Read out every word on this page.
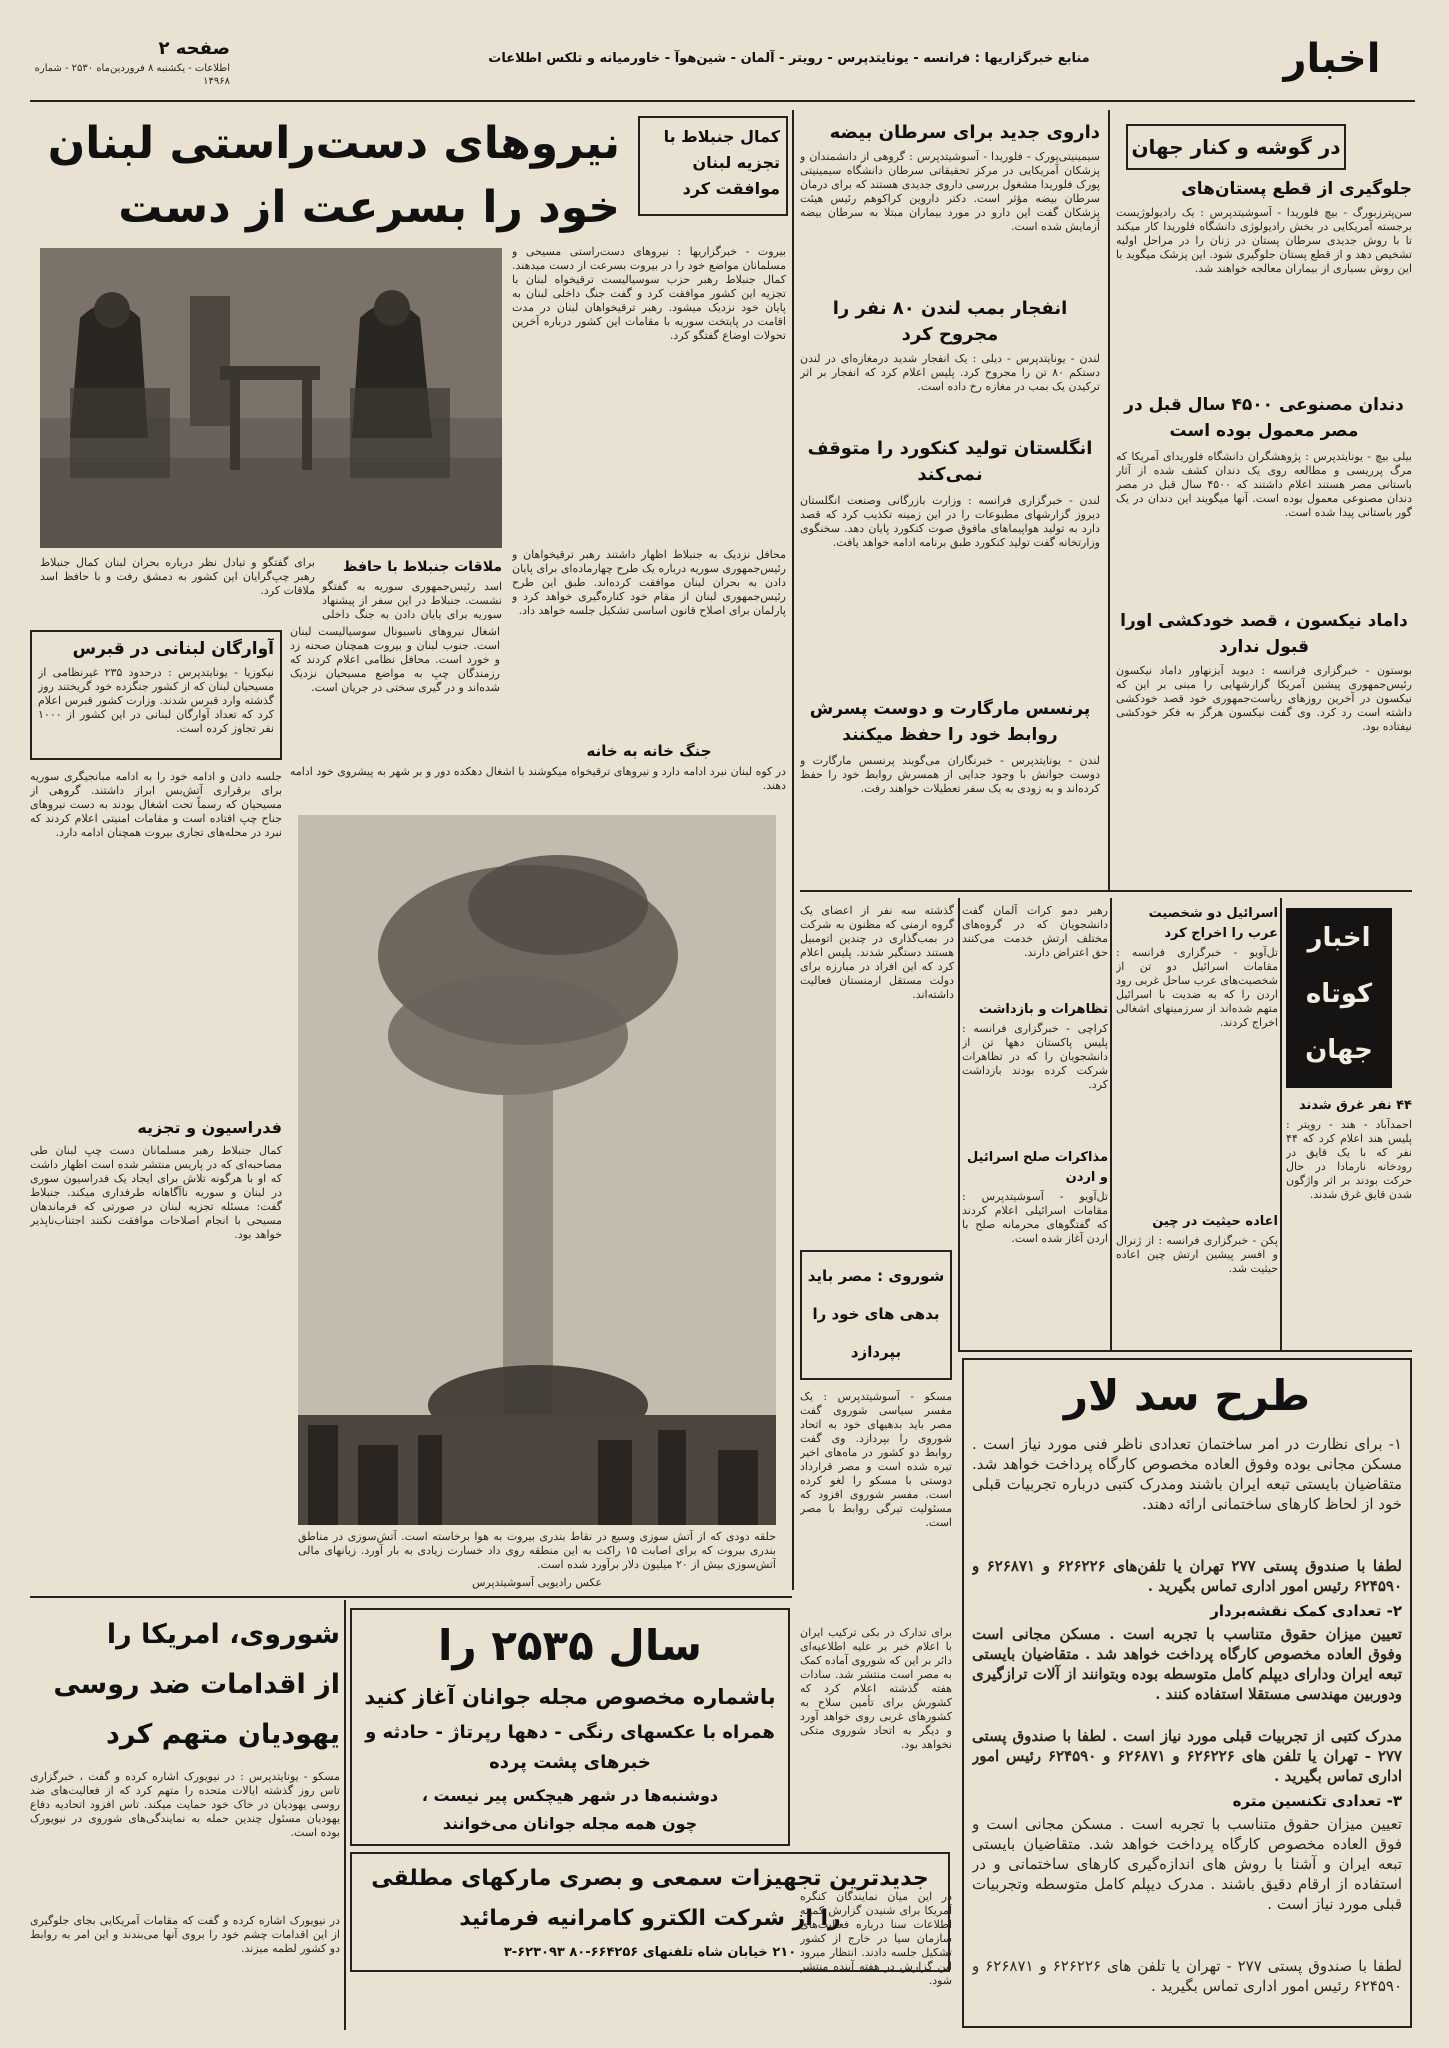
اخبار
منابع خبرگزاریها : فرانسه - یونایتدپرس - رویتر - آلمان - شین‌هوآ - خاورمیانه و تلکس اطلاعات
صفحه ۲
اطلاعات - یکشنبه ۸ فروردین‌ماه ۲۵۳۰ - شماره ۱۴۹۶۸
نیروهای دست‌راستی لبنان
خود را بسرعت از دست
کمال جنبلاط با تجزیه لبنان موافقت کرد
برای گفتگو و تبادل نظر درباره بحران لبنان کمال جنبلاط رهبر چپ‌گرایان این کشور به دمشق رفت و با حافظ اسد ملاقات کرد.
ملاقات جنبلاط با حافظ
اسد رئیس‌جمهوری سوریه به گفتگو نشست. جنبلاط در این سفر از پیشنهاد سوریه برای پایان دادن به جنگ داخلی
بیروت - خبرگزاریها : نیروهای دست‌راستی مسیحی و مسلمانان مواضع خود را در بیروت بسرعت از دست میدهند. کمال جنبلاط رهبر حزب سوسیالیست ترقیخواه لبنان با تجزیه این کشور موافقت کرد و گفت جنگ داخلی لبنان به پایان خود نزدیک میشود. رهبر ترقیخواهان لبنان در مدت اقامت در پایتخت سوریه با مقامات این کشور درباره آخرین تحولات اوضاع گفتگو کرد.
محافل نزدیک به جنبلاط اظهار داشتند رهبر ترقیخواهان و رئیس‌جمهوری سوریه درباره یک طرح چهارماده‌ای برای پایان دادن به بحران لبنان موافقت کرده‌اند. طبق این طرح رئیس‌جمهوری لبنان از مقام خود کناره‌گیری خواهد کرد و پارلمان برای اصلاح قانون اساسی تشکیل جلسه خواهد داد.
اشغال نیروهای ناسیونال سوسیالیست لبنان است. جنوب لبنان و بیروت همچنان صحنه زد و خورد است. محافل نظامی اعلام کردند که رزمندگان چپ به مواضع مسیحیان نزدیک شده‌اند و در گیری سختی در جریان است.
جنگ خانه به خانه
در کوه لبنان نبرد ادامه دارد و نیروهای ترقیخواه میکوشند با اشغال دهکده دور و بر شهر به پیشروی خود ادامه دهند.
آوارگان لبنانی در قبرس
نیکوزیا - یونایتدپرس : درحدود ۲۳۵ غیرنظامی از مسیحیان لبنان که از کشور جنگزده خود گریختند روز گذشته وارد قبرس شدند. وزارت کشور قبرس اعلام کرد که تعداد آوارگان لبنانی در این کشور از ۱۰۰۰ نفر تجاوز کرده است.
جلسه دادن و ادامه خود را به ادامه مبانجیگری سوریه برای برقراری آتش‌بس ابراز داشتند. گروهی از مسیحیان که رسماً تحت اشغال بودند به دست نیروهای جناح چپ افتاده است و مقامات امنیتی اعلام کردند که نبرد در محله‌های تجاری بیروت همچنان ادامه دارد.
فدراسیون و تجزیه
کمال جنبلاط رهبر مسلمانان دست چپ لبنان طی مصاحبه‌ای که در پاریس منتشر شده است اظهار داشت که او با هرگونه تلاش برای ایجاد یک فدراسیون سوری در لبنان و سوریه ناآگاهانه طرفداری میکند. جنبلاط گفت: مسئله تجزیه لبنان در صورتی که فرماندهان مسیحی با انجام اصلاحات موافقت نکنند اجتناب‌ناپذیر خواهد بود.
حلقه دودی که از آتش سوزی وسیع در نقاط بندری بیروت به هوا برخاسته است. آتش‌سوزی در مناطق بندری بیروت که برای اصابت ۱۵ راکت به این منطقه روی داد خسارت زیادی به بار آورد. زیانهای مالی آتش‌سوزی بیش از ۲۰ میلیون دلار برآورد شده است.
عکس رادیویی آسوشیتدپرس
داروی جدید برای سرطان بیضه
سیمینیتی‌پورک - فلوریدا - آسوشیتدپرس : گروهی از دانشمندان و پزشکان آمریکایی در مرکز تحقیقاتی سرطان دانشگاه سیمینیتی پورک فلوریدا مشغول بررسی داروی جدیدی هستند که برای درمان سرطان بیضه مؤثر است. دکتر داروین کراکوهم رئیس هیئت پزشکان گفت این دارو در مورد بیماران مبتلا به سرطان بیضه آزمایش شده است.
انفجار بمب لندن ۸۰ نفر را مجروح کرد
لندن - یونایتدپرس - دیلی : یک انفجار شدید درمغازه‌ای در لندن دستکم ۸۰ تن را مجروح کرد. پلیس اعلام کرد که انفجار بر اثر ترکیدن یک بمب در مغازه رخ داده است.
انگلستان تولید کنکورد را متوقف نمی‌کند
لندن - خبرگزاری فرانسه : وزارت بازرگانی وصنعت انگلستان دیروز گزارشهای مطبوعات را در این زمینه تکذیب کرد که قصد دارد به تولید هواپیماهای مافوق صوت کنکورد پایان دهد. سخنگوی وزارتخانه گفت تولید کنکورد طبق برنامه ادامه خواهد یافت.
پرنسس مارگارت و دوست پسرش روابط خود را حفظ میکنند
لندن - یونایتدپرس - خبرنگاران می‌گویند پرنسس مارگارت و دوست جوانش با وجود جدایی از همسرش روابط خود را حفظ کرده‌اند و به زودی به یک سفر تعطیلات خواهند رفت.
در گوشه و کنار جهان
جلوگیری از قطع پستان‌های
سن‌پترزبورگ - بیچ فلوریدا - آسوشیتدپرس : یک رادیولوژیست برجسته آمریکایی در بخش رادیولوژی دانشگاه فلوریدا کار میکند تا با روش جدیدی سرطان پستان در زنان را در مراحل اولیه تشخیص دهد و از قطع پستان جلوگیری شود. این پزشک میگوید با این روش بسیاری از بیماران معالجه خواهند شد.
دندان مصنوعی ۴۵۰۰ سال قبل در مصر معمول بوده است
بیلی بیچ - یونایتدپرس : پژوهشگران دانشگاه فلوریدای آمریکا که مرگ پرریسی و مطالعه روی یک دندان کشف شده از آثار باستانی مصر هستند اعلام داشتند که ۴۵۰۰ سال قبل در مصر دندان مصنوعی معمول بوده است. آنها میگویند این دندان در یک گور باستانی پیدا شده است.
داماد نیکسون ، قصد خودکشی اورا قبول ندارد
بوستون - خبرگزاری فرانسه : دیوید آیزنهاور داماد نیکسون رئیس‌جمهوری پیشین آمریکا گزارشهایی را مبنی بر این که نیکسون در آخرین روزهای ریاست‌جمهوری خود قصد خودکشی داشته است رد کرد. وی گفت نیکسون هرگز به فکر خودکشی نیفتاده بود.
اخبار
کوتاه
جهان
۴۴ نفر غرق شدند
احمدآباد - هند - رویتر : پلیس هند اعلام کرد که ۴۴ نفر که با یک قایق در رودخانه نارمادا در حال حرکت بودند بر اثر واژگون شدن قایق غرق شدند.
اسرائیل دو شخصیت عرب را اخراج کرد
تل‌آویو - خبرگزاری فرانسه : مقامات اسرائیل دو تن از شخصیت‌های عرب ساحل غربی رود اردن را که به ضدیت با اسرائیل متهم شده‌اند از سرزمینهای اشغالی اخراج کردند.
اعاده حیثیت در چین
پکن - خبرگزاری فرانسه : از ژنرال و افسر پیشین ارتش چین اعاده حیثیت شد.
رهبر دمو کرات آلمان گفت دانشجویان که در گروه‌های مختلف ارتش خدمت می‌کنند حق اعتراض دارند.
تظاهرات و بازداشت
کراچی - خبرگزاری فرانسه : پلیس پاکستان دهها تن از دانشجویان را که در تظاهرات شرکت کرده بودند بازداشت کرد.
مذاکرات صلح اسرائیل و اردن
تل‌آویو - آسوشیتدپرس : مقامات اسرائیلی اعلام کردند که گفتگوهای محرمانه صلح با اردن آغاز شده است.
گذشته سه نفر از اعضای یک گروه ارمنی که مظنون به شرکت در بمب‌گذاری در چندین اتومبیل هستند دستگیر شدند. پلیس اعلام کرد که این افراد در مبارزه برای دولت مستقل ارمنستان فعالیت داشته‌اند.
شوروی : مصر باید
بدهی های خود را
بپردازد
مسکو - آسوشیتدپرس : یک مفسر سیاسی شوروی گفت مصر باید بدهیهای خود به اتحاد شوروی را بپردازد. وی گفت روابط دو کشور در ماه‌های اخیر تیره شده است و مصر قرارداد دوستی با مسکو را لغو کرده است. مفسر شوروی افزود که مسئولیت تیرگی روابط با مصر است.
برای تدارک در بکی ترکیب ایران با اعلام خبر بر علیه اطلاعیه‌ای دائر بر این که شوروی آماده کمک به مصر است منتشر شد. سادات هفته گذشته اعلام کرد که کشورش برای تأمین سلاح به کشورهای غربی روی خواهد آورد و دیگر به اتحاد شوروی متکی نخواهد بود.
طرح سد لار
۱- برای نظارت در امر ساختمان تعدادی ناظر فنی مورد نیاز است . مسکن مجانی بوده وفوق العاده مخصوص کارگاه پرداخت خواهد شد. متقاضیان بایستی تبعه ایران باشند ومدرک کتبی درباره تجربیات قبلی خود از لحاظ کارهای ساختمانی ارائه دهند.
لطفا با صندوق پستی ۲۷۷ تهران یا تلفن‌های ۶۲۶۲۲۶ و ۶۲۶۸۷۱ و ۶۲۴۵۹۰ رئیس امور اداری تماس بگیرید .
۲- تعدادی کمک نقشه‌بردار
تعیین میزان حقوق متناسب با تجربه است . مسکن مجانی است وفوق العاده مخصوص کارگاه پرداخت خواهد شد . متقاضیان بایستی تبعه ایران ودارای دیپلم کامل متوسطه بوده وبتوانند از آلات ترازگیری ودوربین مهندسی مستقلا استفاده کنند .
مدرک کتبی از تجربیات قبلی مورد نیاز است . لطفا با صندوق پستی ۲۷۷ - تهران یا تلفن های ۶۲۶۲۲۶ و ۶۲۶۸۷۱ و ۶۲۴۵۹۰ رئیس امور اداری تماس بگیرید .
۳- تعدادی تکنسین متره
تعیین میزان حقوق متناسب با تجربه است . مسکن مجانی است و فوق العاده مخصوص کارگاه پرداخت خواهد شد. متقاضیان بایستی تبعه ایران و آشنا با روش های اندازه‌گیری کارهای ساختمانی و در استفاده از ارقام دقیق باشند . مدرک دیپلم کامل متوسطه وتجربیات قبلی مورد نیاز است .
لطفا با صندوق پستی ۲۷۷ - تهران یا تلفن های ۶۲۶۲۲۶ و ۶۲۶۸۷۱ و ۶۲۴۵۹۰ رئیس امور اداری تماس بگیرید .
سال ۲۵۳۵ را
باشماره مخصوص مجله جوانان آغاز کنید
همراه با عکسهای رنگی - دهها رپرتاژ - حادثه و
خبرهای پشت پرده
دوشنبه‌ها در شهر هیچکس پیر نیست ،
چون همه مجله جوانان می‌خوانند
جدیدترین تجهیزات سمعی و بصری مارکهای مطلقی
را از شرکت الکترو کامرانیه فرمائید
۲۱۰ خیابان شاه تلفنهای ۶۶۴۲۵۶-۸۰ ۶۲۳۰۹۳-۳
شوروی، امریکا را
از اقدامات ضد روسی
یهودیان متهم کرد
مسکو - یونایتدپرس : در نیویورک اشاره کرده و گفت ، خبرگزاری تاس روز گذشته ایالات متحده را متهم کرد که از فعالیت‌های ضد روسی یهودیان در خاک خود حمایت میکند. تاس افزود اتحادیه دفاع یهودیان مسئول چندین حمله به نمایندگی‌های شوروی در نیویورک بوده است.
در نیویورک اشاره کرده و گفت که مقامات آمریکایی بجای جلوگیری از این اقدامات چشم خود را بروی آنها می‌بندند و این امر به روابط دو کشور لطمه میزند.
در این میان نمایندگان کنگره آمریکا برای شنیدن گزارش کمیته اطلاعات سنا درباره فعالیت‌های سازمان سیا در خارج از کشور تشکیل جلسه دادند. انتظار میرود این گزارش در هفته آینده منتشر شود.
